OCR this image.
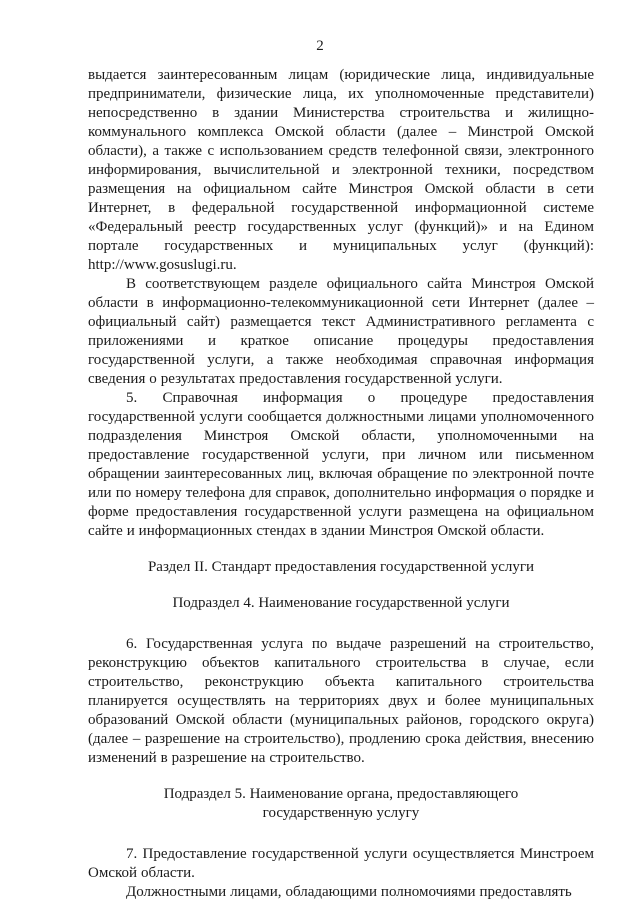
2

выдается заинтересованным лицам (юридические лица, индивидуальные предприниматели, физические лица, их уполномоченные представители) непосредственно в здании Министерства строительства и жилищно-коммунального комплекса Омской области (далее – Минстрой Омской области), а также с использованием средств телефонной связи, электронного информирования, вычислительной и электронной техники, посредством размещения на официальном сайте Минстроя Омской области в сети Интернет, в федеральной государственной информационной системе «Федеральный реестр государственных услуг (функций)» и на Едином портале государственных и муниципальных услуг (функций): http://www.gosuslugi.ru.

В соответствующем разделе официального сайта Минстроя Омской области в информационно-телекоммуникационной сети Интернет (далее – официальный сайт) размещается текст Административного регламента с приложениями и краткое описание процедуры предоставления государственной услуги, а также необходимая справочная информация сведения о результатах предоставления государственной услуги.

5. Справочная информация о процедуре предоставления государственной услуги сообщается должностными лицами уполномоченного подразделения Минстроя Омской области, уполномоченными на предоставление государственной услуги, при личном или письменном обращении заинтересованных лиц, включая обращение по электронной почте или по номеру телефона для справок, дополнительно информация о порядке и форме предоставления государственной услуги размещена на официальном сайте и информационных стендах в здании Минстроя Омской области.

Раздел II. Стандарт предоставления государственной услуги

Подраздел 4. Наименование государственной услуги

6. Государственная услуга по выдаче разрешений на строительство, реконструкцию объектов капитального строительства в случае, если строительство, реконструкцию объекта капитального строительства планируется осуществлять на территориях двух и более муниципальных образований Омской области (муниципальных районов, городского округа) (далее – разрешение на строительство), продлению срока действия, внесению изменений в разрешение на строительство.

Подраздел 5. Наименование органа, предоставляющего

государственную услугу

7. Предоставление государственной услуги осуществляется Минстроем Омской области.

Должностными лицами, обладающими полномочиями предоставлять
